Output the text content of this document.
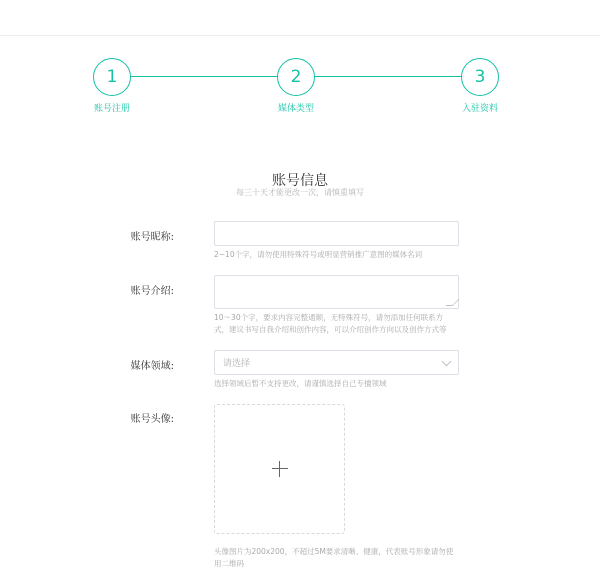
1	2	3
账号注册	媒体类型	入驻资料
账号信息
每三十天才能更改一次，请慎重填写
账号昵称:
2~10个字，请勿使用特殊符号或明显营销推广意图的媒体名词
账号介绍:
10～30个字，要求内容完整通顺，无特殊符号，请勿添加任何联系方
式，建议书写自我介绍和创作内容，可以介绍创作方向以及创作方式等
媒体领域:	请选择
选择领域后暂不支持更改，请谨慎选择自己专擅领域
账号头像:
头像图片为200x200，不超过5M要求清晰、健康，代表账号形象请勿使
用二维码
